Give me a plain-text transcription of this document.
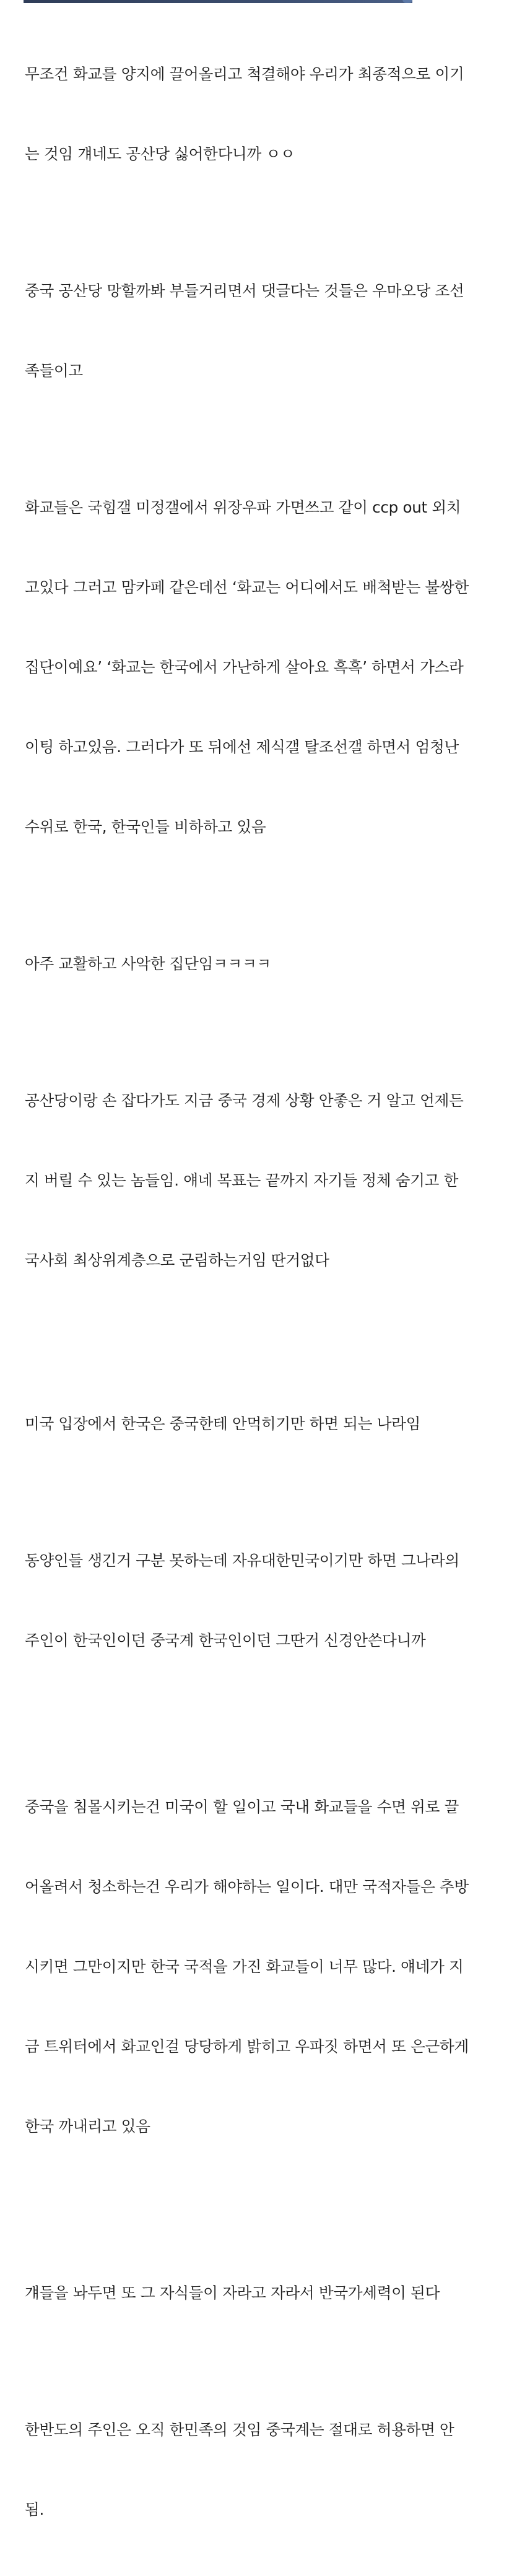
무조건 화교를 양지에 끌어올리고 척결해야 우리가 최종적으로 이기

는 것임 걔네도 공산당 싫어한다니까 ㅇㅇ

중국 공산당 망할까봐 부들거리면서 댓글다는 것들은 우마오당 조선

족들이고

화교들은 국힘갤 미정갤에서 위장우파 가면쓰고 같이 ccp out 외치

고있다 그러고 맘카페 같은데선 ‘화교는 어디에서도 배척받는 불쌍한

집단이예요’ ‘화교는 한국에서 가난하게 살아요 흑흑’ 하면서 가스라

이팅 하고있음. 그러다가 또 뒤에선 제식갤 탈조선갤 하면서 엄청난

수위로 한국, 한국인들 비하하고 있음

아주 교활하고 사악한 집단임ㅋㅋㅋㅋ

공산당이랑 손 잡다가도 지금 중국 경제 상황 안좋은 거 알고 언제든

지 버릴 수 있는 놈들임. 얘네 목표는 끝까지 자기들 정체 숨기고 한

국사회 최상위계층으로 군림하는거임 딴거없다

미국 입장에서 한국은 중국한테 안먹히기만 하면 되는 나라임

동양인들 생긴거 구분 못하는데 자유대한민국이기만 하면 그나라의

주인이 한국인이던 중국계 한국인이던 그딴거 신경안쓴다니까

중국을 침몰시키는건 미국이 할 일이고 국내 화교들을 수면 위로 끌

어올려서 청소하는건 우리가 해야하는 일이다. 대만 국적자들은 추방

시키면 그만이지만 한국 국적을 가진 화교들이 너무 많다. 얘네가 지

금 트위터에서 화교인걸 당당하게 밝히고 우파짓 하면서 또 은근하게

한국 까내리고 있음

걔들을 놔두면 또 그 자식들이 자라고 자라서 반국가세력이 된다

한반도의 주인은 오직 한민족의 것임 중국계는 절대로 허용하면 안

됨.
